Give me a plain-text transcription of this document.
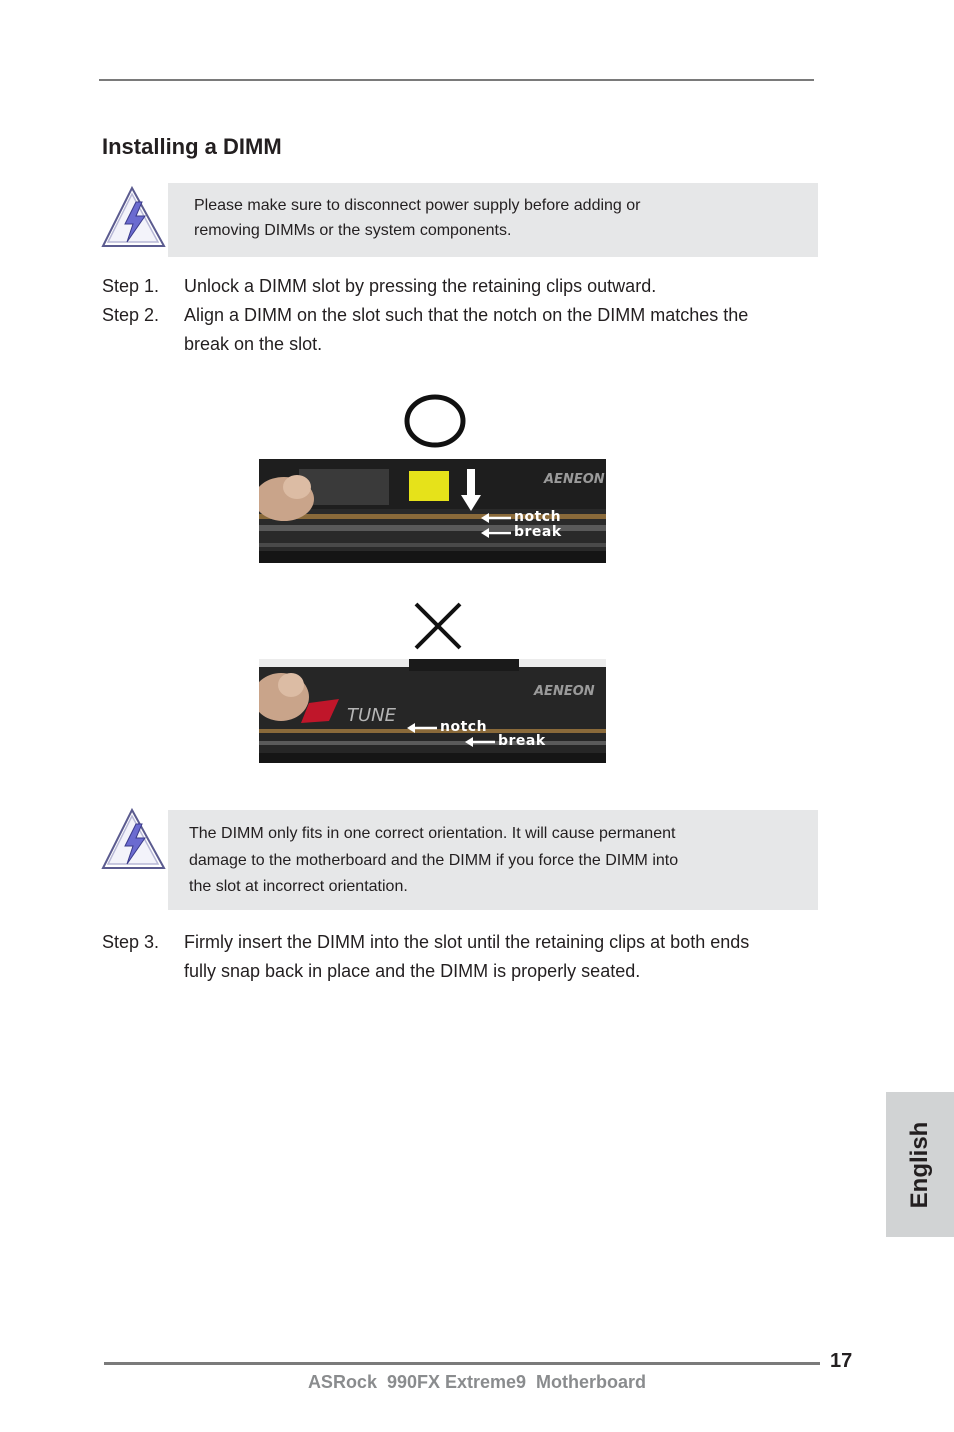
Installing a DIMM
Please make sure to disconnect power supply before adding or
removing DIMMs or the system components.
Step 1. Unlock a DIMM slot by pressing the retaining clips outward.
Step 2. Align a DIMM on the slot such that the notch on the DIMM matches the
break on the slot.
AENEON
notch
break
AENEON
TUNE
notch
break
The DIMM only fits in one correct orientation. It will cause permanent
damage to the motherboard and the DIMM if you force the DIMM into
the slot at incorrect orientation.
Step 3. Firmly insert the DIMM into the slot until the retaining clips at both ends
fully snap back in place and the DIMM is properly seated.
English
17
ASRock  990FX Extreme9  Motherboard
